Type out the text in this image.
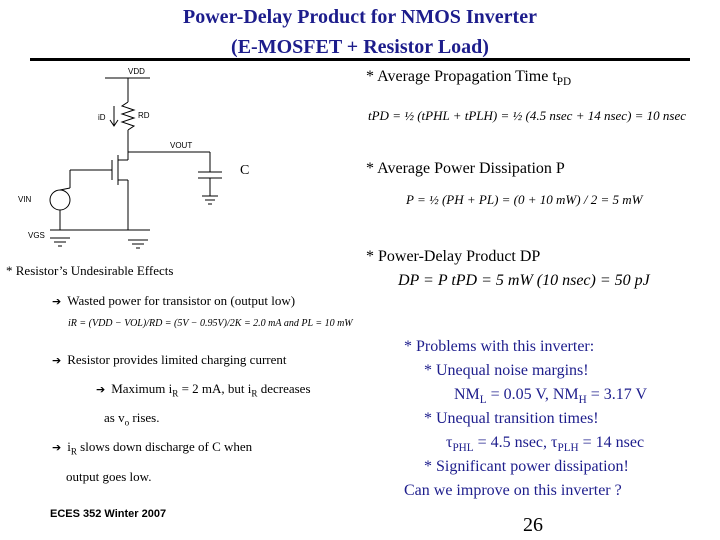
Power-Delay Product for NMOS Inverter
(E-MOSFET + Resistor Load)
VDD
iD	RD
VOUT
VIN
VGS
C
* Average Propagation Time $t_{PD}$
tPD = ½ (tPHL + tPLH) = ½ (4.5 nsec + 14 nsec) = 10 nsec
* Average Power Dissipation P
P = ½ (PH + PL) = (0 + 10 mW) / 2 = 5 mW
* Power-Delay Product DP
DP = P tPD = 5 mW (10 nsec) = 50 pJ
* Resistor’s Undesirable Effects
➔ Wasted power for transistor on (output low)
iR = (VDD − VOL)/RD = (5V − 0.95V)/2K = 2.0 mA and PL = 10 mW
➔ Resistor provides limited charging current
➔ Maximum $i_R = 2$ mA, but $i_R$ decreases
as $v_o$ rises.
➔ $i_R$ slows down discharge of C when
output goes low.
* Problems with this inverter:
* Unequal noise margins!
$NM_L = 0.05$ V, $NM_H = 3.17$ V
* Unequal transition times!
$\tau_{PHL} = 4.5$ nsec, $\tau_{PLH} = 14$ nsec
* Significant power dissipation!
Can we improve on this inverter ?
ECES 352 Winter 2007	26
